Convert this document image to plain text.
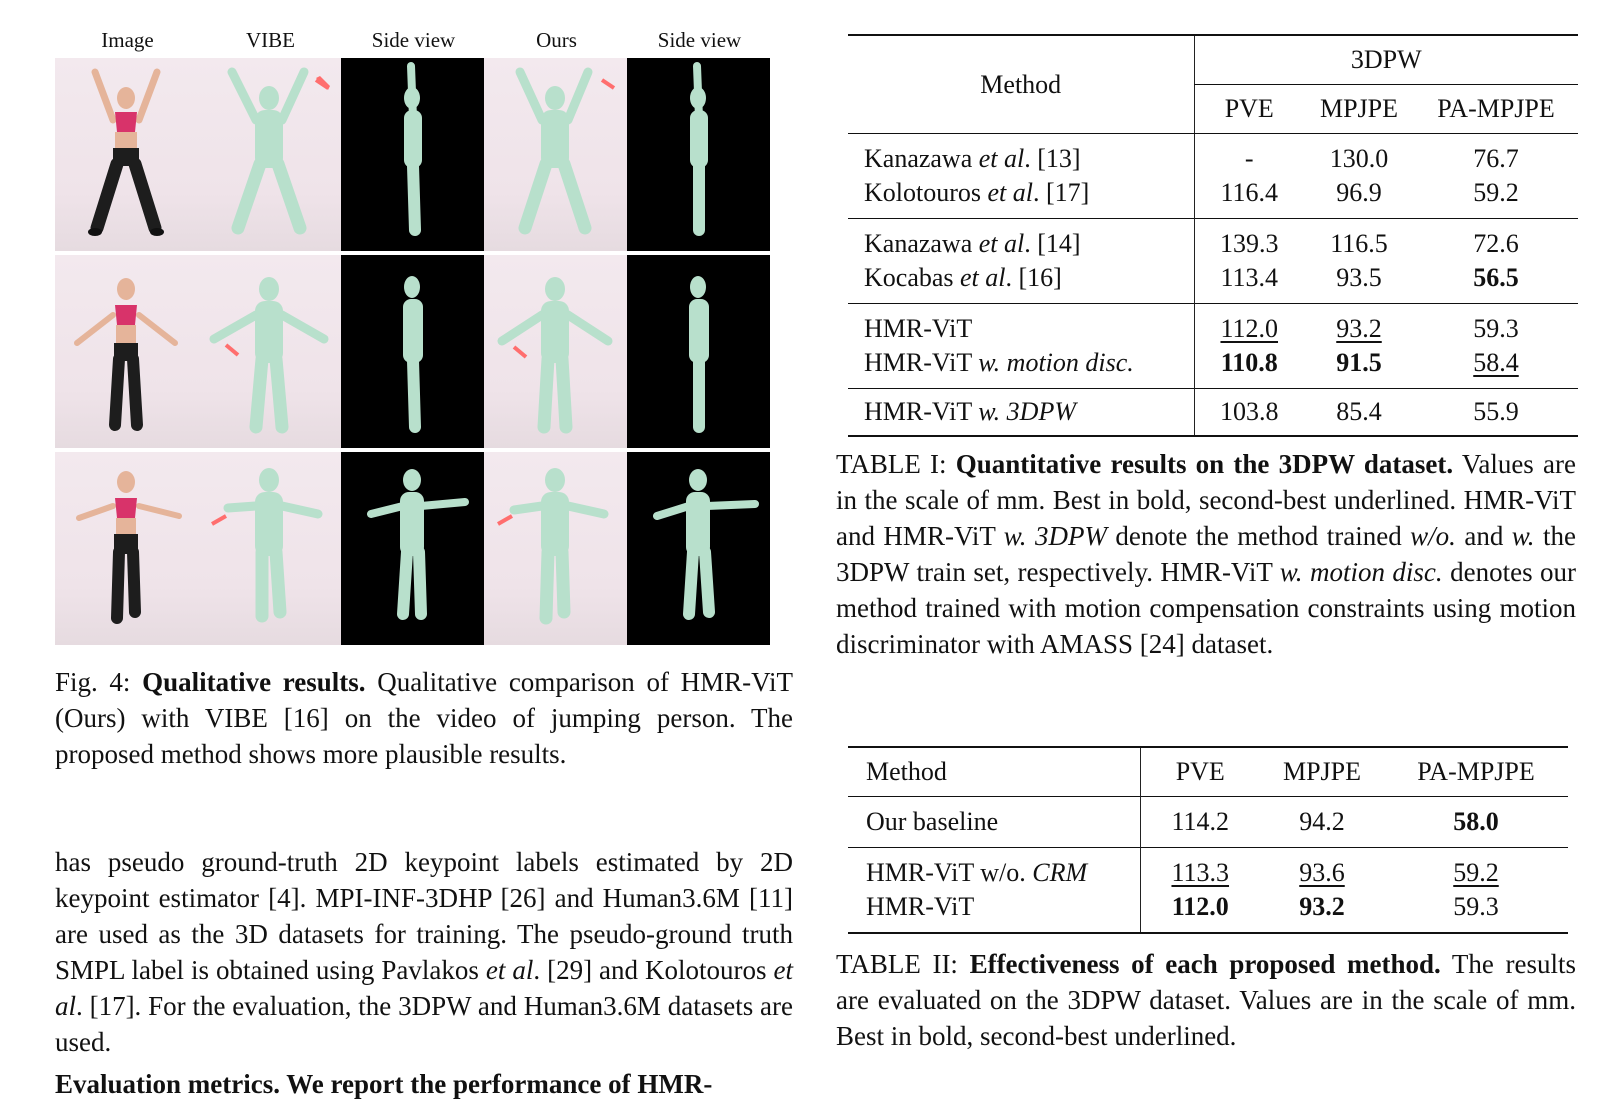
Image	VIBE	Side view	Ours	Side view
Fig. 4: Qualitative results. Qualitative comparison of HMR-ViT (Ours) with VIBE [16] on the video of jumping person. The proposed method shows more plausible results.
has pseudo ground-truth 2D keypoint labels estimated by 2D keypoint estimator [4]. MPI-INF-3DHP [26] and Human3.6M [11] are used as the 3D datasets for training. The pseudo-ground truth SMPL label is obtained using Pavlakos et al. [29] and Kolotouros et al. [17]. For the evaluation, the 3DPW and Human3.6M datasets are used.
Evaluation metrics. We report the performance of HMR-
Method	3DPW		
	PVE	MPJPE	PA-MPJPE
Kanazawa et al. [13]	-	130.0	76.7
Kolotouros et al. [17]	116.4	96.9	59.2
Kanazawa et al. [14]	139.3	116.5	72.6
Kocabas et al. [16]	113.4	93.5	56.5
HMR-ViT	112.0	93.2	59.3
HMR-ViT w. motion disc.	110.8	91.5	58.4
HMR-ViT w. 3DPW	103.8	85.4	55.9
TABLE I: Quantitative results on the 3DPW dataset. Values are in the scale of mm. Best in bold, second-best underlined. HMR-ViT and HMR-ViT w. 3DPW denote the method trained w/o. and w. the 3DPW train set, respectively. HMR-ViT w. motion disc. denotes our method trained with motion compensation constraints using motion discriminator with AMASS [24] dataset.
Method	PVE	MPJPE	PA-MPJPE
Our baseline	114.2	94.2	58.0
HMR-ViT w/o. CRM	113.3	93.6	59.2
HMR-ViT	112.0	93.2	59.3
TABLE II: Effectiveness of each proposed method. The results are evaluated on the 3DPW dataset. Values are in the scale of mm. Best in bold, second-best underlined.
